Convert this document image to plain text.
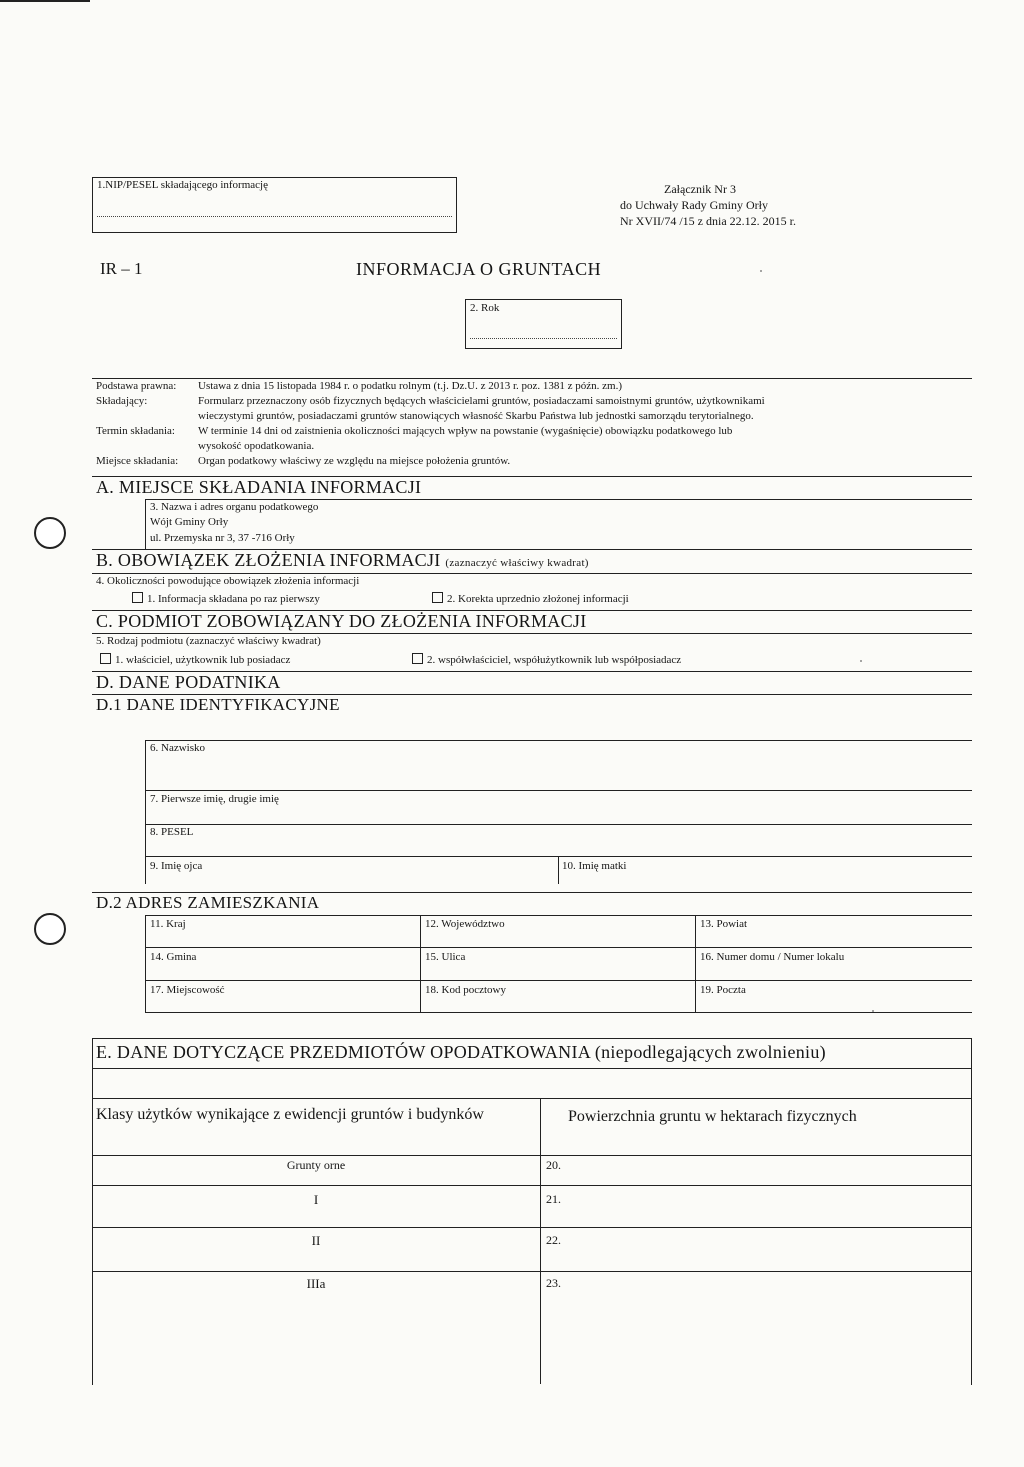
1.NIP/PESEL składającego informację	Załącznik Nr 3
do Uchwały Rady Gminy Orły
Nr XVII/74 /15 z dnia 22.12. 2015 r.
IR – 1	INFORMACJA O GRUNTACH
2. Rok
Podstawa prawna: Ustawa z dnia 15 listopada 1984 r. o podatku rolnym (t.j. Dz.U. z 2013 r. poz. 1381 z późn. zm.)
Składający:	Formularz przeznaczony osób fizycznych będących właścicielami gruntów, posiadaczami samoistnymi gruntów, użytkownikami
wieczystymi gruntów, posiadaczami gruntów stanowiących własność Skarbu Państwa lub jednostki samorządu terytorialnego.
Termin składania: W terminie 14 dni od zaistnienia okoliczności mających wpływ na powstanie (wygaśnięcie) obowiązku podatkowego lub
wysokość opodatkowania.
Miejsce składania: Organ podatkowy właściwy ze względu na miejsce położenia gruntów.
A. MIEJSCE SKŁADANIA INFORMACJI
3. Nazwa i adres organu podatkowego
Wójt Gminy Orły
ul. Przemyska nr 3, 37 -716 Orły
B. OBOWIĄZEK ZŁOŻENIA INFORMACJI (zaznaczyć właściwy kwadrat)
4. Okoliczności powodujące obowiązek złożenia informacji
1. Informacja składana po raz pierwszy	2. Korekta uprzednio złożonej informacji
C. PODMIOT ZOBOWIĄZANY DO ZŁOŻENIA INFORMACJI
5. Rodzaj podmiotu (zaznaczyć właściwy kwadrat)
1. właściciel, użytkownik lub posiadacz	2. współwłaściciel, współużytkownik lub współposiadacz
D. DANE PODATNIKA
D.1 DANE IDENTYFIKACYJNE
6. Nazwisko
7. Pierwsze imię, drugie imię
8. PESEL
9. Imię ojca	10. Imię matki
D.2 ADRES ZAMIESZKANIA
11. Kraj	12. Województwo	13. Powiat
14. Gmina	15. Ulica	16. Numer domu / Numer lokalu
17. Miejscowość	18. Kod pocztowy	19. Poczta
E. DANE DOTYCZĄCE PRZEDMIOTÓW OPODATKOWANIA (niepodlegających zwolnieniu)
Klasy użytków wynikające z ewidencji gruntów i budynków	Powierzchnia gruntu w hektarach fizycznych
Grunty orne	20.
I	21.
II	22.
IIIa	23.
